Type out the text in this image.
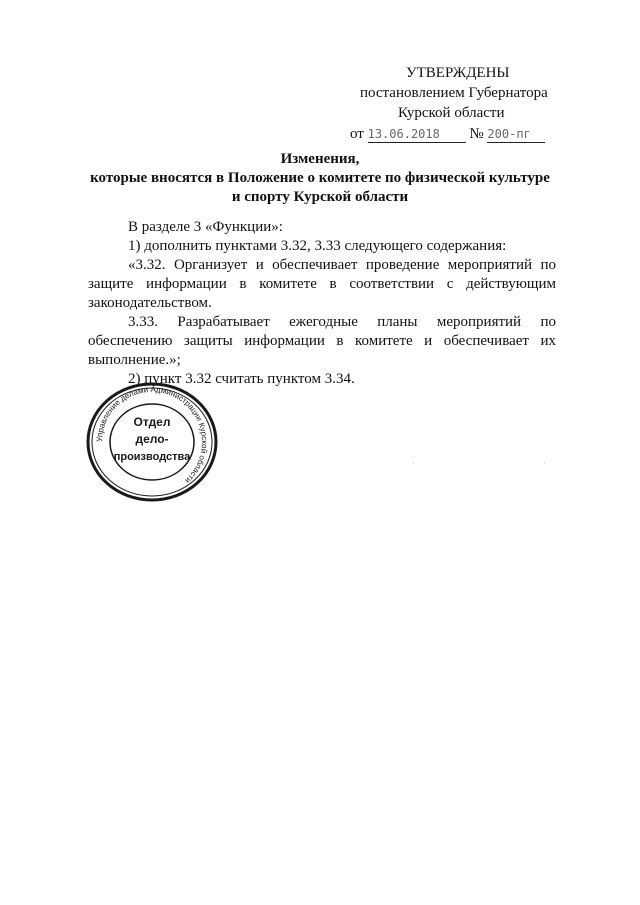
УТВЕРЖДЕНЫ
постановлением Губернатора
Курской области
от 13.06.2018 № 200-пг
Изменения,
которые вносятся в Положение о комитете по физической культуре
и спорту Курской области

В разделе 3 «Функции»:

1) дополнить пунктами 3.32, 3.33 следующего содержания:

«3.32. Организует и обеспечивает проведение мероприятий по защите информации в комитете в соответствии с действующим законодательством.

3.33. Разрабатывает ежегодные планы мероприятий по обеспечению защиты информации в комитете и обеспечивает их выполнение.»;

2) пункт 3.32 считать пунктом 3.34.

Управление делами Администрации Курской области
Отдел
дело-
производства	·	·
